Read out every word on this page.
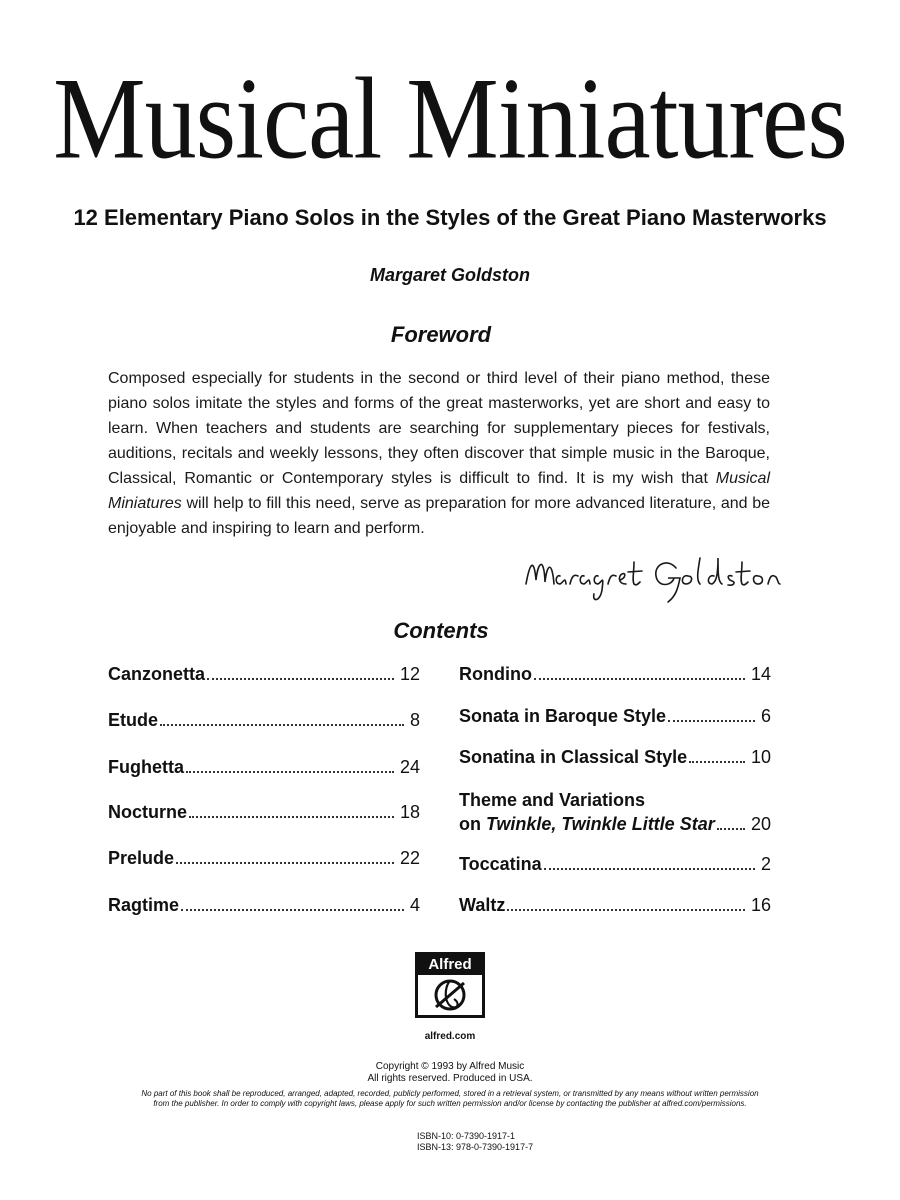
Musical Miniatures
12 Elementary Piano Solos in the Styles of the Great Piano Masterworks
Margaret Goldston
Foreword

Composed especially for students in the second or third level of their piano method, these piano solos imitate the styles and forms of the great masterworks, yet are short and easy to learn. When teachers and students are searching for supplementary pieces for festivals, auditions, recitals and weekly lessons, they often discover that simple music in the Baroque, Classical, Romantic or Contemporary styles is difficult to find. It is my wish that Musical Miniatures will help to fill this need, serve as preparation for more advanced literature, and be enjoyable and inspiring to learn and perform.

Contents
Canzonetta	12
Etude	8
Fughetta	24
Nocturne	18
Prelude	22
Ragtime	4
Rondino	14
Sonata in Baroque Style	6
Sonatina in Classical Style	10
Theme and Variations
on Twinkle, Twinkle Little Star 20
Toccatina	2
Waltz	16
Alfred
alfred.com
Copyright © 1993 by Alfred Music
All rights reserved. Produced in USA.
No part of this book shall be reproduced, arranged, adapted, recorded, publicly performed, stored in a retrieval system, or transmitted by any means without written permission from the publisher. In order to comply with copyright laws, please apply for such written permission and/or license by contacting the publisher at alfred.com/permissions.
ISBN-10: 0-7390-1917-1
ISBN-13: 978-0-7390-1917-7
